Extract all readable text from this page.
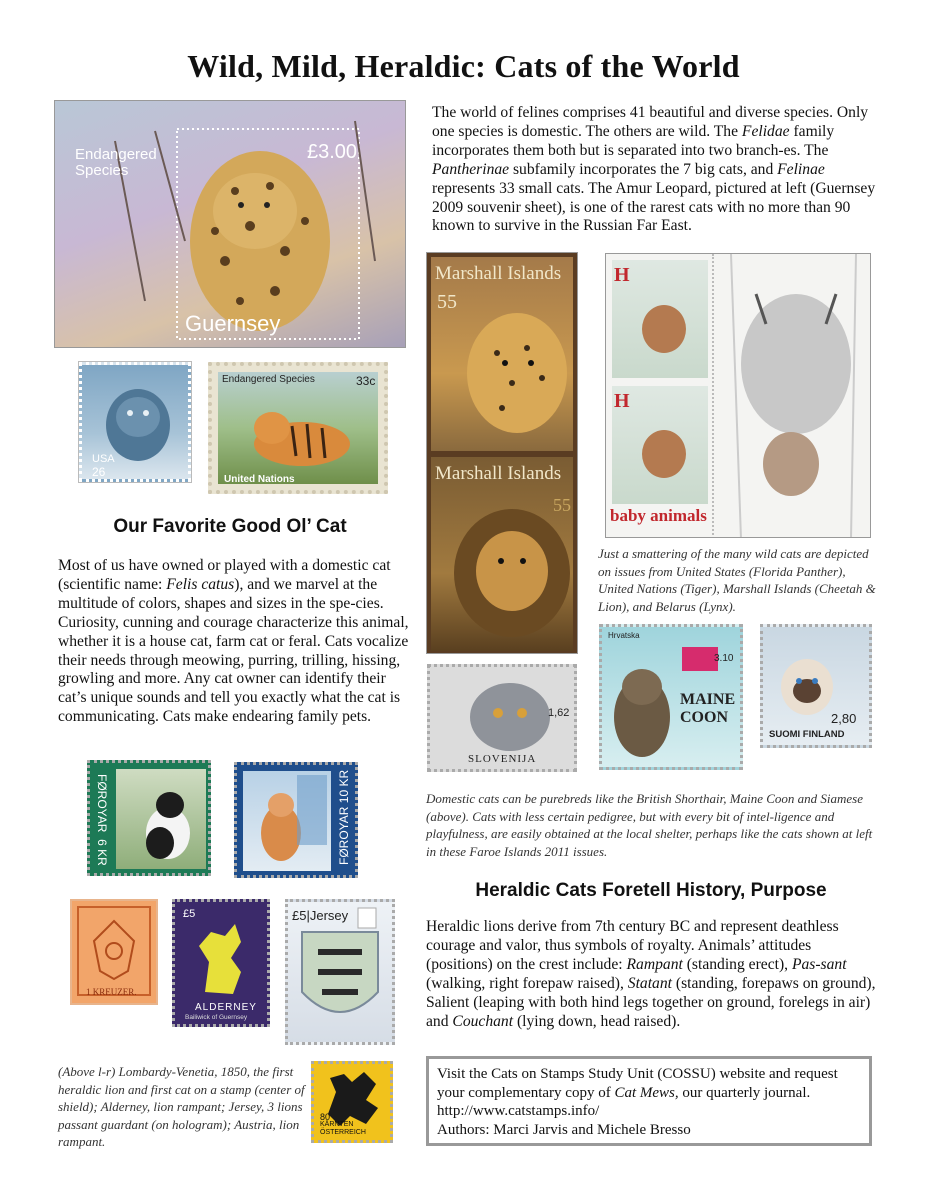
Wild, Mild, Heraldic: Cats of the World
Endangered
Species
£3.00
Guernsey
The world of felines comprises 41 beautiful and diverse species. Only one species is domestic. The others are wild. The Felidae family incorporates them both but is separated into two branch-es. The Pantherinae subfamily incorporates the 7 big cats, and Felinae represents 33 small cats. The Amur Leopard, pictured at left (Guernsey 2009 souvenir sheet), is one of the rarest cats with no more than 90 known to survive in the Russian Far East.
USA
26
Endangered Species	33c
United Nations
Marshall Islands
55
Marshall Islands
55
H
H
baby animals
Just a smattering of the many wild cats are depicted on issues from United States (Florida Panther), United Nations (Tiger), Marshall Islands (Cheetah & Lion), and Belarus (Lynx).
Our Favorite Good Ol’ Cat
Most of us have owned or played with a domestic cat (scientific name: Felis catus), and we marvel at the multitude of colors, shapes and sizes in the spe-cies. Curiosity, cunning and courage characterize this animal, whether it is a house cat, farm cat or feral. Cats vocalize their needs through meowing, purring, trilling, hissing, growling and more. Any cat owner can identify their cat’s unique sounds and tell you exactly what the cat is communicating. Cats make endearing family pets.	1,62
SLOVENIJA
Hrvatska
3.10
MAINE
COON	2,80
SUOMI FINLAND
Domestic cats can be purebreds like the British Shorthair, Maine Coon and Siamese (above). Cats with less certain pedigree, but with every bit of intel-ligence and playfulness, are easily obtained at the local shelter, perhaps like the cats shown at left in these Faroe Islands 2011 issues.
FØROYAR  6 KR	FØROYAR 10 KR
1 KREUZER.
£5
ALDERNEY
Bailiwick of Guernsey
£5|Jersey
80
KÄRNTEN
ÖSTERREICH
(Above l-r) Lombardy-Venetia, 1850, the first heraldic lion and first cat on a stamp (center of shield); Alderney, lion rampant; Jersey, 3 lions passant guardant (on hologram); Austria, lion rampant.
Heraldic Cats Foretell History, Purpose
Heraldic lions derive from 7th century BC and represent deathless courage and valor, thus symbols of royalty. Animals’ attitudes (positions) on the crest include: Rampant (standing erect), Pas-sant (walking, right forepaw raised), Statant (standing, forepaws on ground), Salient (leaping with both hind legs together on ground, forelegs in air) and Couchant (lying down, head raised).
Visit the Cats on Stamps Study Unit (COSSU) website and request your complementary copy of Cat Mews, our quarterly journal.    http://www.catstamps.info/
Authors: Marci Jarvis and Michele Bresso
